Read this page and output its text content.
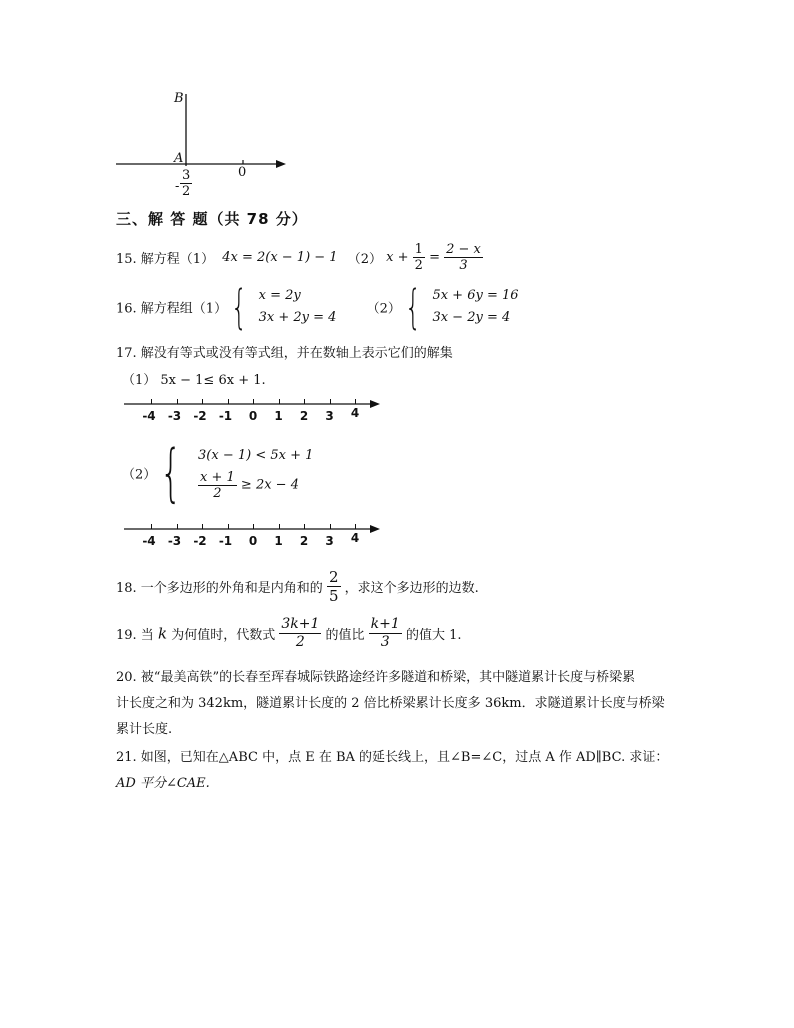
B
A
0
- $\frac{3}{2}$
三、解 答 题（共 78 分）
15. 解方程（1） 4x = 2(x − 1) − 1 （2） $x + \frac{1}{2} = \frac{2 - x}{3}$
16. 解方程组（1） { x = 2y
3x + 2y = 4
（2） { 5x + 6y = 16
3x − 2y = 4
17. 解没有等式或没有等式组，并在数轴上表示它们的解集
（1） 5x − 1≤ 6x + 1.
-4 -3 -2 -1 0 1 2 3 4
（2） { 3(x − 1) < 5x + 1
$\frac{x + 1}{2} \ge 2x - 4$
-4 -3 -2 -1 0 1 2 3 4
18. 一个多边形的外角和是内角和的 $\frac{2}{5}$ ，求这个多边形的边数.
19. 当 k 为何值时，代数式 $\frac{3k+1}{2}$ 的值比 $\frac{k+1}{3}$ 的值大 1.
20. 被“最美高铁”的长春至珲春城际铁路途经许多隧道和桥梁，其中隧道累计长度与桥梁累
计长度之和为 342km，隧道累计长度的 2 倍比桥梁累计长度多 36km．求隧道累计长度与桥梁
累计长度.
21. 如图，已知在△ABC 中，点 E 在 BA 的延长线上，且∠B=∠C，过点 A 作 AD∥BC. 求证：
AD 平分∠CAE.
